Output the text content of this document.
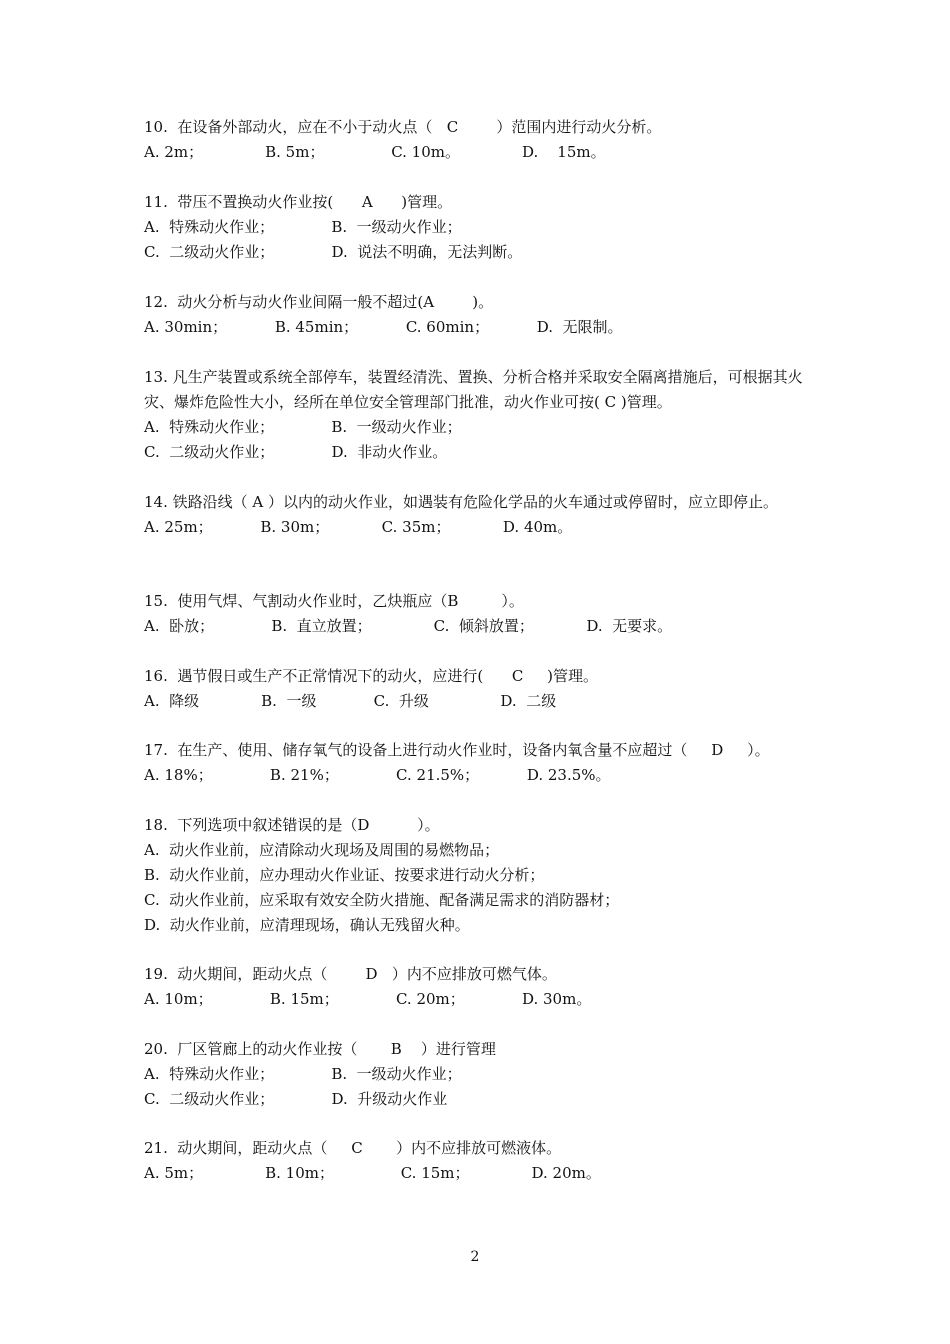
10.  在设备外部动火，应在不小于动火点（   C        ）范围内进行动火分析。
A. 2m；             B. 5m；              C. 10m。             D.    15m。
11.  带压不置换动火作业按(      A      )管理。
A.  特殊动火作业；            B.  一级动火作业；
C.  二级动火作业；            D.  说法不明确，无法判断。
12.  动火分析与动火作业间隔一般不超过(A        )。
A. 30min；          B. 45min；          C. 60min；          D.  无限制。
13. 凡生产装置或系统全部停车，装置经清洗、置换、分析合格并采取安全隔离措施后，可根据其火灾、爆炸危险性大小，经所在单位安全管理部门批准，动火作业可按( C )管理。
A.  特殊动火作业；            B.  一级动火作业；
C.  二级动火作业；            D.  非动火作业。
14. 铁路沿线（ A ）以内的动火作业，如遇装有危险化学品的火车通过或停留时，应立即停止。
A. 25m；          B. 30m；           C. 35m；           D. 40m。
15.  使用气焊、气割动火作业时，乙炔瓶应（B         ）。
A.  卧放；            B.  直立放置；             C.  倾斜放置；           D.  无要求。
16.  遇节假日或生产不正常情况下的动火，应进行(      C     )管理。
A.  降级             B.  一级            C.  升级               D.  二级
17.  在生产、使用、储存氧气的设备上进行动火作业时，设备内氧含量不应超过（     D     ）。
A. 18%；            B. 21%；            C. 21.5%；          D. 23.5%。
18.  下列选项中叙述错误的是（D          ）。
A.  动火作业前，应清除动火现场及周围的易燃物品；
B.  动火作业前，应办理动火作业证、按要求进行动火分析；
C.  动火作业前，应采取有效安全防火措施、配备满足需求的消防器材；
D.  动火作业前，应清理现场，确认无残留火种。
19.  动火期间，距动火点（        D   ）内不应排放可燃气体。
A. 10m；            B. 15m；            C. 20m；            D. 30m。
20.  厂区管廊上的动火作业按（       B    ）进行管理
A.  特殊动火作业；            B.  一级动火作业；
C.  二级动火作业；            D.  升级动火作业
21.  动火期间，距动火点（     C       ）内不应排放可燃液体。
A. 5m；             B. 10m；              C. 15m；             D. 20m。
2
